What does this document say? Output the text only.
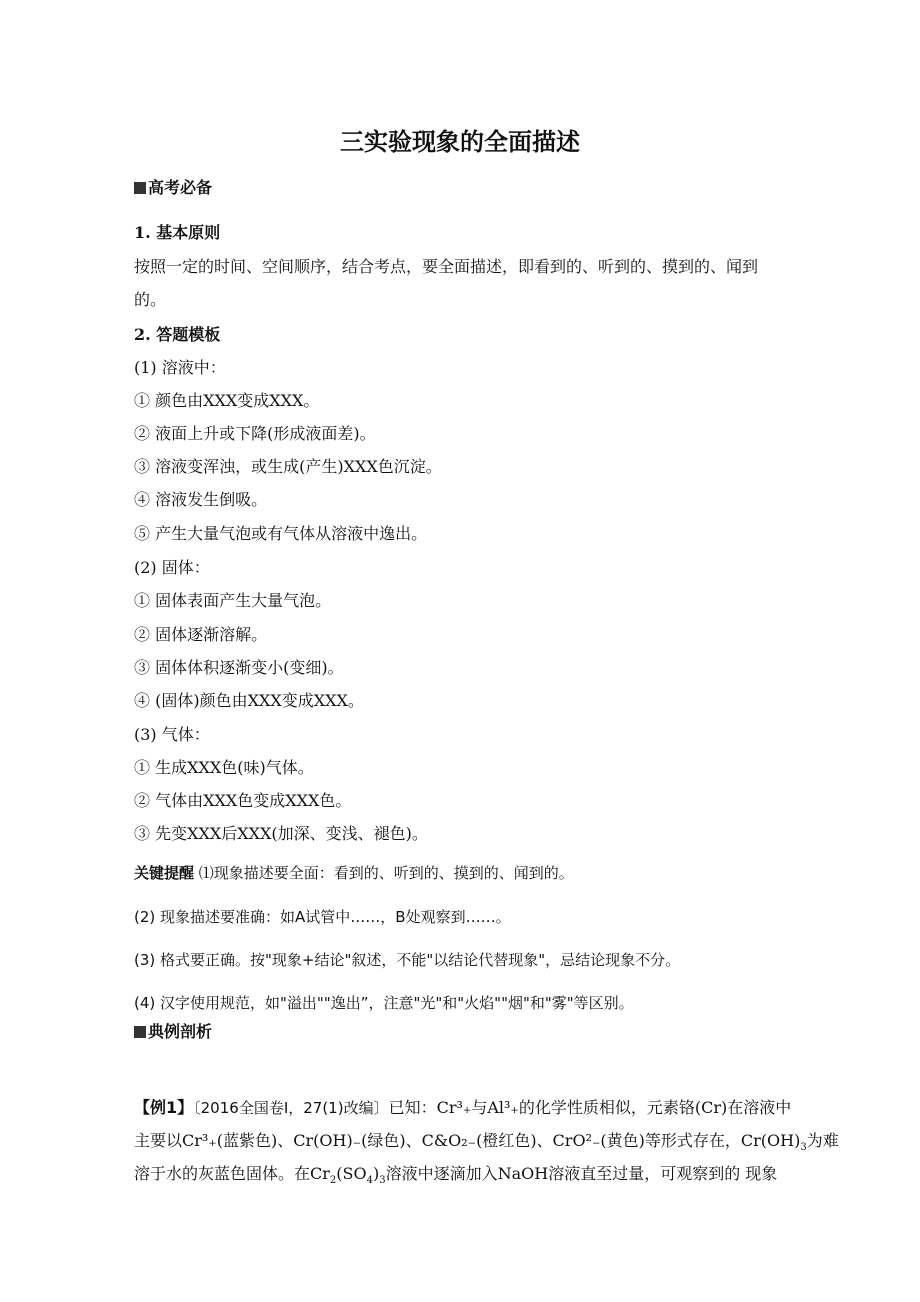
三实验现象的全面描述
高考必备
1. 基本原则
按照一定的时间、空间顺序，结合考点，要全面描述，即看到的、听到的、摸到的、闻到
的。
2. 答题模板
(1) 溶液中：
① 颜色由XXX变成XXX。
② 液面上升或下降(形成液面差)。
③ 溶液变浑浊，或生成(产生)XXX色沉淀。
④ 溶液发生倒吸。
⑤ 产生大量气泡或有气体从溶液中逸出。
(2) 固体：
① 固体表面产生大量气泡。
② 固体逐渐溶解。
③ 固体体积逐渐变小(变细)。
④ (固体)颜色由XXX变成XXX。
(3) 气体：
① 生成XXX色(味)气体。
② 气体由XXX色变成XXX色。
③ 先变XXX后XXX(加深、变浅、褪色)。
关键提醒 ⑴现象描述要全面：看到的、听到的、摸到的、闻到的。
(2) 现象描述要准确：如A试管中……，B处观察到……。
(3) 格式要正确。按"现象+结论"叙述，不能"以结论代替现象"，忌结论现象不分。
(4) 汉字使用规范，如"溢出""逸出”，注意"光"和"火焰""烟"和"雾"等区别。
典例剖析
【例1】〔2016全国卷Ⅰ，27(1)改编〕已知：Cr³₊与Al³₊的化学性质相似，元素铬(Cr)在溶液中
主要以Cr³₊(蓝紫色)、Cr(OH)₋(绿色)、C&O₂₋(橙红色)、CrO²₋(黄色)等形式存在，$Cr(OH)_3$为难
溶于水的灰蓝色固体。在$Cr_2(SO_4)_3$溶液中逐滴加入NaOH溶液直至过量，可观察到的 现象
